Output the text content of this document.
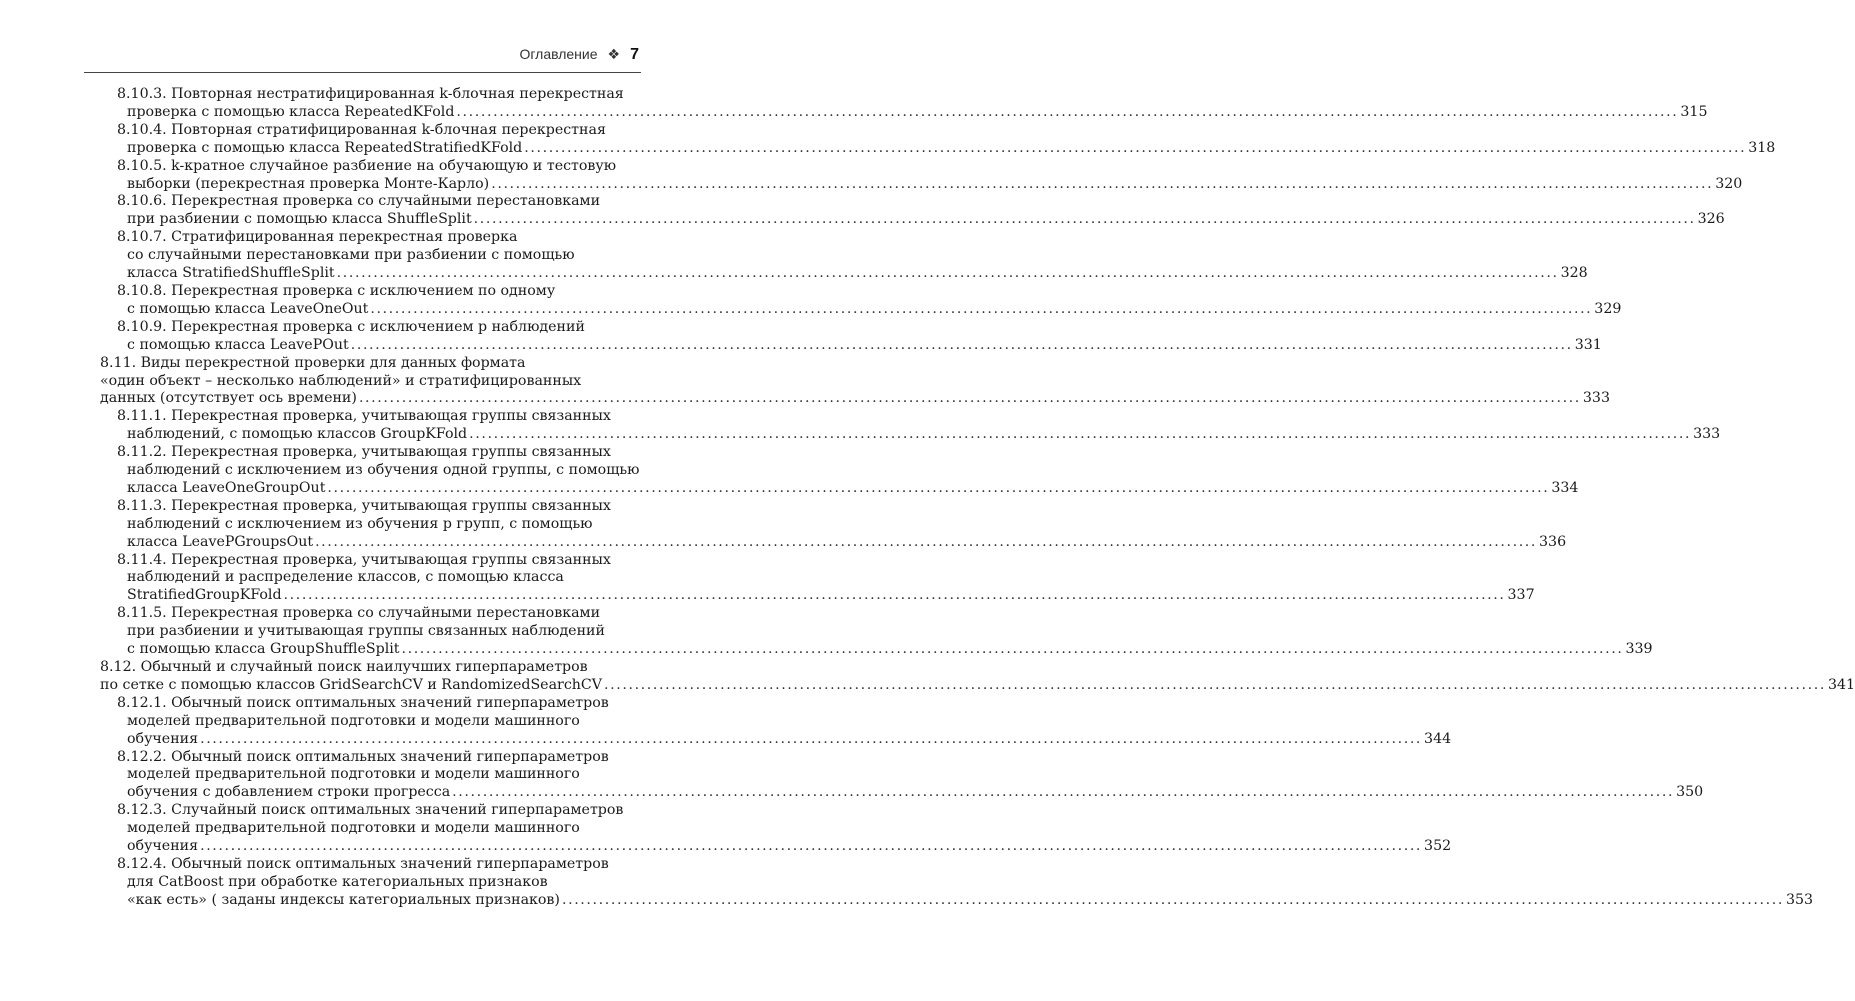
Оглавление ❖ 7
8.10.3. Повторная нестратифицированная k-блочная перекрестная
проверка с помощью класса RepeatedKFold ........................................................................................................................................................................................................ 315
8.10.4. Повторная стратифицированная k-блочная перекрестная
проверка с помощью класса RepeatedStratifiedKFold ........................................................................................................................................................................................................ 318
8.10.5. k-кратное случайное разбиение на обучающую и тестовую
выборки (перекрестная проверка Монте-Карло) ........................................................................................................................................................................................................ 320
8.10.6. Перекрестная проверка со случайными перестановками
при разбиении с помощью класса ShuffleSplit ........................................................................................................................................................................................................ 326
8.10.7. Стратифицированная перекрестная проверка
со случайными перестановками при разбиении с помощью
класса StratifiedShuffleSplit ........................................................................................................................................................................................................ 328
8.10.8. Перекрестная проверка с исключением по одному
с помощью класса LeaveOneOut ........................................................................................................................................................................................................ 329
8.10.9. Перекрестная проверка с исключением p наблюдений
с помощью класса LeavePOut ........................................................................................................................................................................................................ 331
8.11. Виды перекрестной проверки для данных формата
«один объект – несколько наблюдений» и стратифицированных
данных (отсутствует ось времени) ........................................................................................................................................................................................................ 333
8.11.1. Перекрестная проверка, учитывающая группы связанных
наблюдений, с помощью классов GroupKFold ........................................................................................................................................................................................................ 333
8.11.2. Перекрестная проверка, учитывающая группы связанных
наблюдений с исключением из обучения одной группы, с помощью
класса LeaveOneGroupOut ........................................................................................................................................................................................................ 334
8.11.3. Перекрестная проверка, учитывающая группы связанных
наблюдений с исключением из обучения p групп, с помощью
класса LeavePGroupsOut ........................................................................................................................................................................................................ 336
8.11.4. Перекрестная проверка, учитывающая группы связанных
наблюдений и распределение классов, с помощью класса
StratifiedGroupKFold ........................................................................................................................................................................................................ 337
8.11.5. Перекрестная проверка со случайными перестановками
при разбиении и учитывающая группы связанных наблюдений
с помощью класса GroupShuffleSplit ........................................................................................................................................................................................................ 339
8.12. Обычный и случайный поиск наилучших гиперпараметров
по сетке с помощью классов GridSearchCV и RandomizedSearchCV ........................................................................................................................................................................................................ 341
8.12.1. Обычный поиск оптимальных значений гиперпараметров
моделей предварительной подготовки и модели машинного
обучения ........................................................................................................................................................................................................ 344
8.12.2. Обычный поиск оптимальных значений гиперпараметров
моделей предварительной подготовки и модели машинного
обучения с добавлением строки прогресса ........................................................................................................................................................................................................ 350
8.12.3. Случайный поиск оптимальных значений гиперпараметров
моделей предварительной подготовки и модели машинного
обучения ........................................................................................................................................................................................................ 352
8.12.4. Обычный поиск оптимальных значений гиперпараметров
для CatBoost при обработке категориальных признаков
«как есть» ( заданы индексы категориальных признаков) ........................................................................................................................................................................................................ 353
